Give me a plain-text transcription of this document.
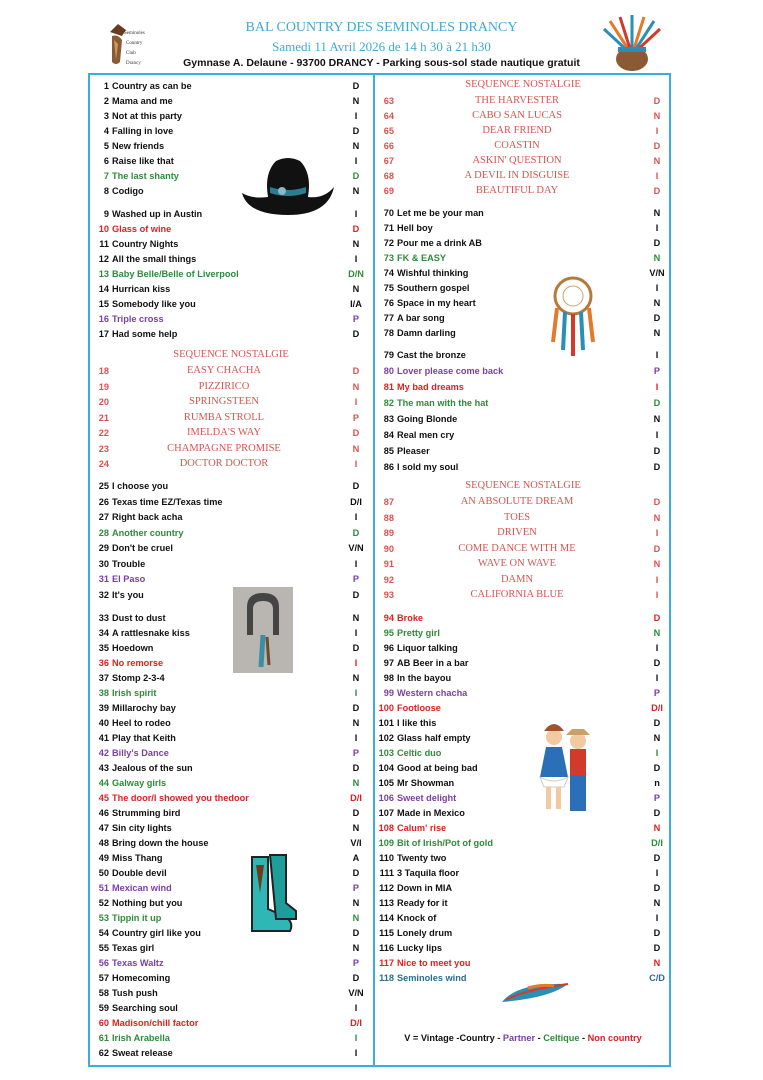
Seminoles
Country
Club
Drancy
BAL COUNTRY DES SEMINOLES DRANCY
Samedi 11 Avril 2026 de 14 h 30 à 21 h30
Gymnase A. Delaune - 93700 DRANCY - Parking sous-sol stade nautique gratuit
1 Country as can be	D
2 Mama and me	N
3 Not at this party	I
4 Falling in love	D
5 New friends	N
6 Raise like that	I
7 The last shanty	D
8 Codigo	N
9 Washed up in Austin	I
10 Glass of wine	D
11 Country Nights	N
12 All the small things	I
13 Baby Belle/Belle of Liverpool	D/N
14 Hurrican kiss	N
15 Somebody like you	I/A
16 Triple cross	P
17 Had some help	D
25 I choose you	D
26 Texas time EZ/Texas time	D/I
27 Right back acha	I
28 Another country	D
29 Don't be cruel	V/N
30 Trouble	I
31 El Paso	P
32 It's you	D
33 Dust to dust	N
34 A rattlesnake kiss	I
35 Hoedown	D
36 No remorse	I
37 Stomp 2-3-4	N
38 Irish spirit	I
39 Millarochy bay	D
40 Heel to rodeo	N
41 Play that Keith	I
42 Billy's Dance	P
43 Jealous of the sun	D
44 Galway girls	N
45 The door/I showed you thedoor	D/I
46 Strumming bird	D
47 Sin city lights	N
48 Bring down the house	V/I
49 Miss Thang	A
50 Double devil	D
51 Mexican wind	P
52 Nothing but you	N
53 Tippin it up	N
54 Country girl like you	D
55 Texas girl	N
56 Texas Waltz	P
57 Homecoming	D
58 Tush push	V/N
59 Searching soul	I
60 Madison/chill factor	D/I
61 Irish Arabella	I
62 Sweat release	I
SEQUENCE NOSTALGIE
18	EASY CHACHA	D
19	PIZZIRICO	N
20	SPRINGSTEEN	I
21	RUMBA STROLL	P
22	IMELDA'S WAY	D
23	CHAMPAGNE PROMISE	N
24	DOCTOR DOCTOR	I
70 Let me be your man	N
71 Hell boy	I
72 Pour me a drink AB	D
73 FK & EASY	N
74 Wishful thinking	V/N
75 Southern gospel	I
76 Space in my heart	N
77 A bar song	D
78 Damn darling	N
79 Cast the bronze	I
80 Lover please come back	P
81 My bad dreams	I
82 The man with the hat	D
83 Going Blonde	N
84 Real men cry	I
85 Pleaser	D
86 I sold my soul	D
94 Broke	D
95 Pretty girl	N
96 Liquor talking	I
97 AB Beer in a bar	D
98 In the bayou	I
99 Western chacha	P
100 Footloose	D/I
101 I like this	D
102 Glass half empty	N
103 Celtic duo	I
104 Good at being bad	D
105 Mr Showman	n
106 Sweet delight	P
107 Made in Mexico	D
108 Calum' rise	N
109 Bit of Irish/Pot of gold	D/I
110 Twenty two	D
111 3 Taquila floor	I
112 Down in MIA	D
113 Ready for it	N
114 Knock of	I
115 Lonely drum	D
116 Lucky lips	D
117 Nice to meet you	N
118 Seminoles wind	C/D
SEQUENCE NOSTALGIE
63	THE HARVESTER	D
64	CABO SAN LUCAS	N
65	DEAR FRIEND	I
66	COASTIN	D
67	ASKIN' QUESTION	N
68	A DEVIL IN DISGUISE	I
69	BEAUTIFUL DAY	D
SEQUENCE NOSTALGIE
87	AN ABSOLUTE DREAM	D
88	TOES	N
89	DRIVEN	I
90	COME DANCE WITH ME	D
91	WAVE ON WAVE	N
92	DAMN	I
93	CALIFORNIA BLUE	I
V = Vintage -Country - Partner - Celtique - Non country
